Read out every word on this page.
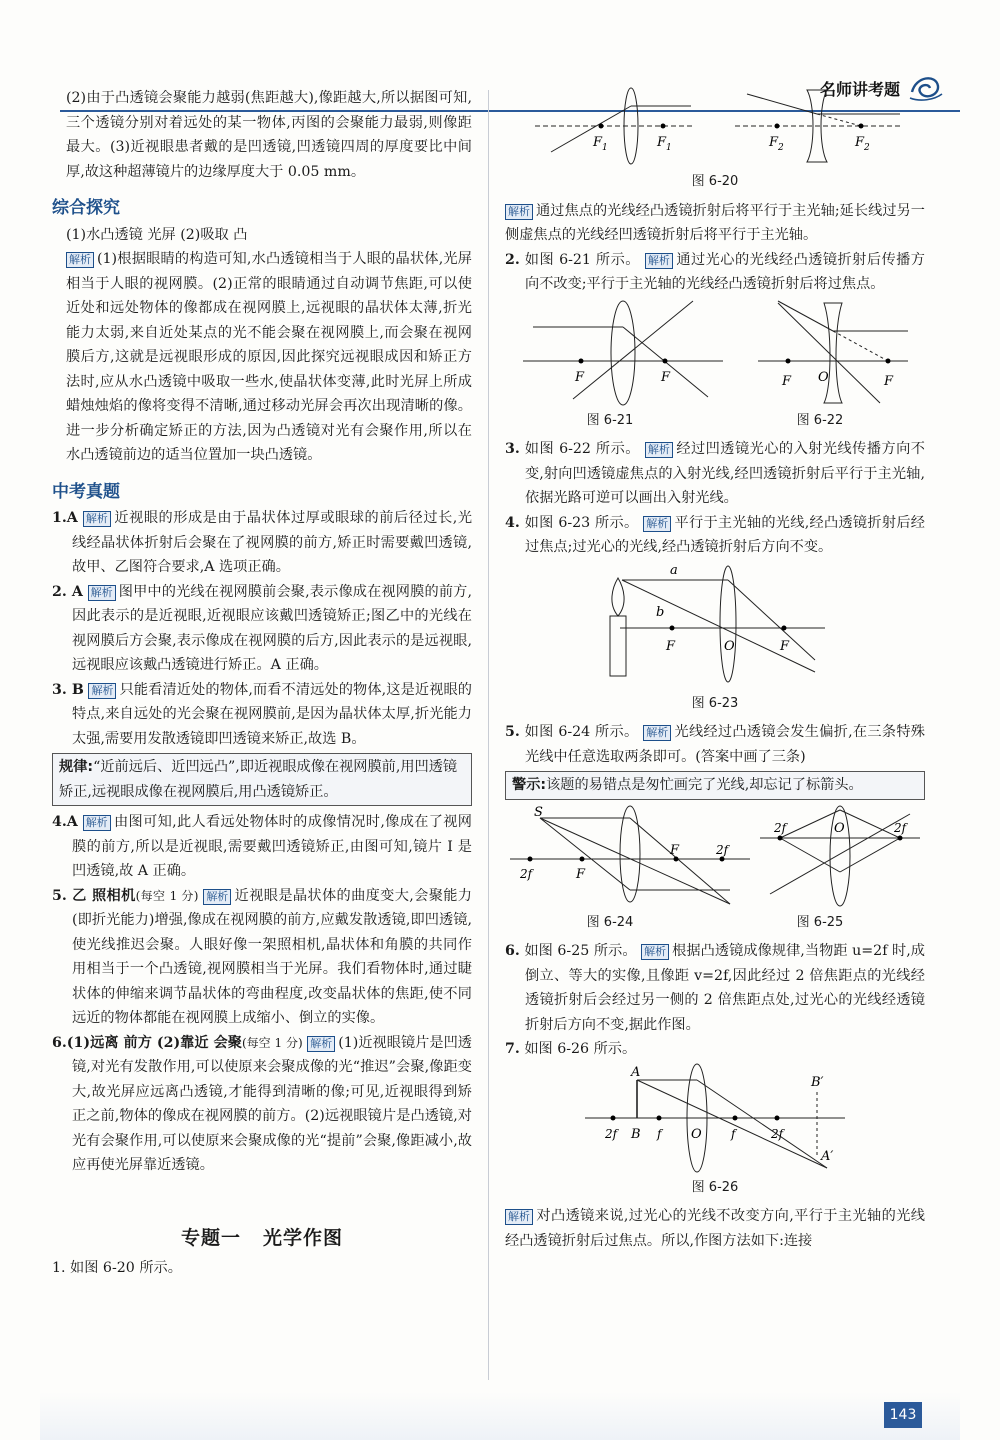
名师讲考题

(2)由于凸透镜会聚能力越弱(焦距越大),像距越大,所以据图可知,三个透镜分别对着远处的某一物体,丙图的会聚能力最弱,则像距最大。(3)近视眼患者戴的是凹透镜,凹透镜四周的厚度要比中间厚,故这种超薄镜片的边缘厚度大于 0.05 mm。

综合探究

(1)水凸透镜 光屏 (2)吸取 凸

解析 (1)根据眼睛的构造可知,水凸透镜相当于人眼的晶状体,光屏相当于人眼的视网膜。(2)正常的眼睛通过自动调节焦距,可以使近处和远处物体的像都成在视网膜上,远视眼的晶状体太薄,折光能力太弱,来自近处某点的光不能会聚在视网膜上,而会聚在视网膜后方,这就是远视眼形成的原因,因此探究远视眼成因和矫正方法时,应从水凸透镜中吸取一些水,使晶状体变薄,此时光屏上所成蜡烛烛焰的像将变得不清晰,通过移动光屏会再次出现清晰的像。进一步分析确定矫正的方法,因为凸透镜对光有会聚作用,所以在水凸透镜前边的适当位置加一块凸透镜。

中考真题

1.A 解析 近视眼的形成是由于晶状体过厚或眼球的前后径过长,光线经晶状体折射后会聚在了视网膜的前方,矫正时需要戴凹透镜,故甲、乙图符合要求,A 选项正确。

2. A 解析 图甲中的光线在视网膜前会聚,表示像成在视网膜的前方,因此表示的是近视眼,近视眼应该戴凹透镜矫正;图乙中的光线在视网膜后方会聚,表示像成在视网膜的后方,因此表示的是远视眼,远视眼应该戴凸透镜进行矫正。A 正确。

3. B 解析 只能看清近处的物体,而看不清远处的物体,这是近视眼的特点,来自远处的光会聚在视网膜前,是因为晶状体太厚,折光能力太强,需要用发散透镜即凹透镜来矫正,故选 B。

规律:“近前远后、近凹远凸”,即近视眼成像在视网膜前,用凹透镜矫正,远视眼成像在视网膜后,用凸透镜矫正。

4.A 解析 由图可知,此人看远处物体时的成像情况时,像成在了视网膜的前方,所以是近视眼,需要戴凹透镜矫正,由图可知,镜片 I 是凹透镜,故 A 正确。

5. 乙 照相机(每空 1 分) 解析 近视眼是晶状体的曲度变大,会聚能力(即折光能力)增强,像成在视网膜的前方,应戴发散透镜,即凹透镜,使光线推迟会聚。人眼好像一架照相机,晶状体和角膜的共同作用相当于一个凸透镜,视网膜相当于光屏。我们看物体时,通过睫状体的伸缩来调节晶状体的弯曲程度,改变晶状体的焦距,使不同远近的物体都能在视网膜上成缩小、倒立的实像。

6.(1)远离 前方 (2)靠近 会聚(每空 1 分) 解析 (1)近视眼镜片是凹透镜,对光有发散作用,可以使原来会聚成像的光“推迟”会聚,像距变大,故光屏应远离凸透镜,才能得到清晰的像;可见,近视眼得到矫正之前,物体的像成在视网膜的前方。(2)远视眼镜片是凸透镜,对光有会聚作用,可以使原来会聚成像的光“提前”会聚,像距减小,故应再使光屏靠近透镜。

专题一 光学作图

1. 如图 6-20 所示。

F 1	F 1	F 2	F 2
图 6-20

解析 通过焦点的光线经凸透镜折射后将平行于主光轴;延长线过另一侧虚焦点的光线经凹透镜折射后将平行于主光轴。

2. 如图 6-21 所示。 解析 通过光心的光线经凸透镜折射后传播方向不改变;平行于主光轴的光线经凸透镜折射后将过焦点。

F	F	F O	F
图 6-21	图 6-22

3. 如图 6-22 所示。 解析 经过凹透镜光心的入射光线传播方向不变,射向凹透镜虚焦点的入射光线,经凹透镜折射后平行于主光轴,依据光路可逆可以画出入射光线。

4. 如图 6-23 所示。 解析 平行于主光轴的光线,经凸透镜折射后经过焦点;过光心的光线,经凸透镜折射后方向不变。

a
b
F	O	F
图 6-23

5. 如图 6-24 所示。 解析 光线经过凸透镜会发生偏折,在三条特殊光线中任意选取两条即可。(答案中画了三条)

警示:该题的易错点是匆忙画完了光线,却忘记了标箭头。
S
2f	F
F	2f
2f	O	2f
图 6-24	图 6-25

6. 如图 6-25 所示。 解析 根据凸透镜成像规律,当物距 u=2f 时,成倒立、等大的实像,且像距 v=2f,因此经过 2 倍焦距点的光线经透镜折射后会经过另一侧的 2 倍焦距点处,过光心的光线经透镜折射后方向不变,据此作图。

7. 如图 6-26 所示。

A
2f B f O f	2f
B′
A′
图 6-26

解析 对凸透镜来说,过光心的光线不改变方向,平行于主光轴的光线经凸透镜折射后过焦点。所以,作图方法如下:连接

143
